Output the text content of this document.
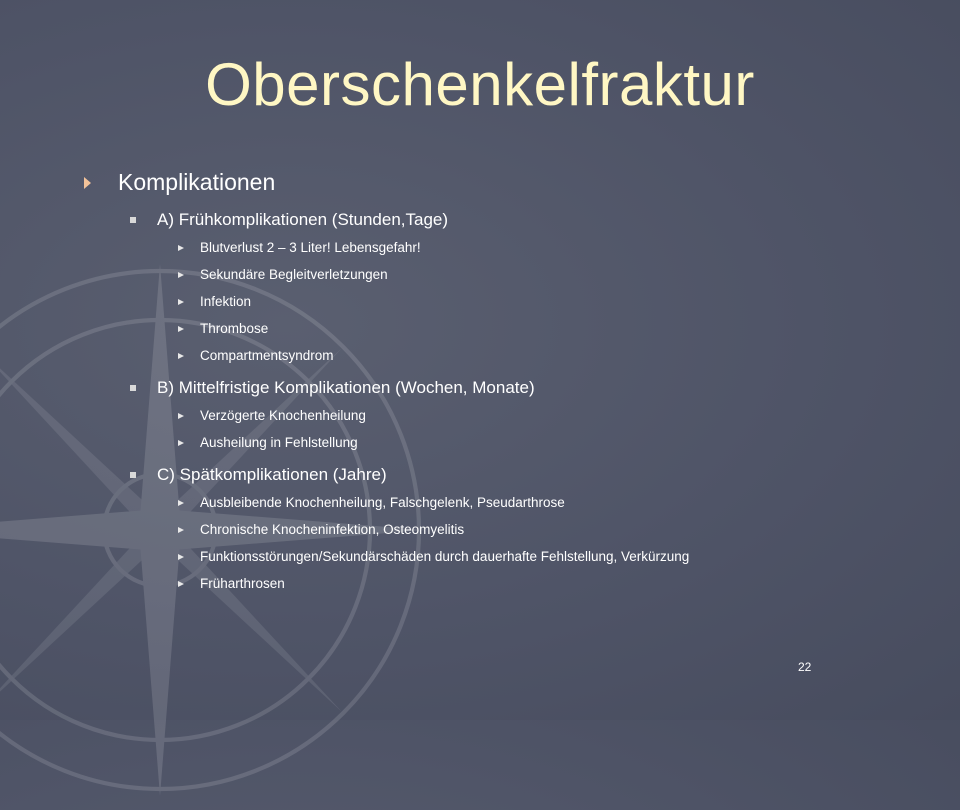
Oberschenkelfraktur
Komplikationen
A) Frühkomplikationen (Stunden,Tage)
Blutverlust 2 – 3 Liter! Lebensgefahr!
Sekundäre Begleitverletzungen
Infektion
Thrombose
Compartmentsyndrom
B) Mittelfristige Komplikationen (Wochen, Monate)
Verzögerte Knochenheilung
Ausheilung in Fehlstellung
C) Spätkomplikationen (Jahre)
Ausbleibende Knochenheilung, Falschgelenk, Pseudarthrose
Chronische Knocheninfektion, Osteomyelitis
Funktionsstörungen/Sekundärschäden durch dauerhafte Fehlstellung, Verkürzung
Früharthrosen
22
